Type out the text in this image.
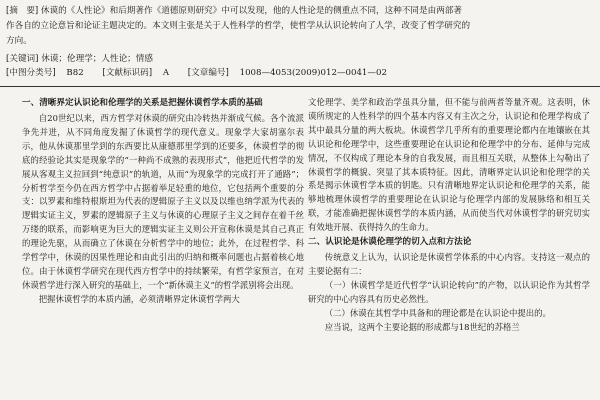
[摘　要] 休谟的《人性论》和后期著作《道德原则研究》中可以发现，他的人性论是的侧重点不同，这种不同是由两部著

作各自的立论意旨和论证主题决定的。本文则主张是关于人性科学的哲学，使哲学从认识论转向了人学，改变了哲学研究的

方向。

[关键词] 休谟；伦理学；人性论；情感
[中图分类号] B82 [文献标识码] A [文章编号] 1008—4053(2009)012—0041—02
一、清晰界定认识论和伦理学的关系是把握休谟哲学本质的基础

自20世纪以来，西方哲学对休谟的研究由冷转热并渐成气候。各个流派争先并进，从不同角度发掘了休谟哲学的现代意义。现象学大家胡塞尔表示，他从休谟那里学到的东西要比从康德那里学到的还要多，休谟哲学的彻底的经验论其实是现象学的“一种尚不成熟的表现形式”，他把近代哲学的发展从客观主义拉回到“纯意识”的轨道，从而“为现象学的完成打开了通路”；分析哲学至今仍在西方哲学中占据着举足轻重的地位，它包括两个重要的分支：以罗素和维特根斯坦为代表的逻辑原子主义以及以维也纳学派为代表的逻辑实证主义，罗素的逻辑原子主义与休谟的心理原子主义之间存在着千丝万缕的联系，而影响更为巨大的逻辑实证主义则公开宣称休谟是其自己真正的理论先驱，从而确立了休谟在分析哲学中的地位；此外，在过程哲学、科学哲学中，休谟的因果性理论和由此引出的归纳和概率问题也占据着核心地位。由于休谟哲学研究在现代西方哲学中的持续繁荣，有哲学家预言，在对休谟哲学进行深入研究的基础上，一个“新休谟主义”的哲学派别将会出现。

把握休谟哲学的本质内涵，必须清晰界定休谟哲学两大

文伦理学、美学和政治学虽具分量，但不能与前两者等量齐观。这表明，休谟所规定的人性科学的四个基本内容又有主次之分，认识论和伦理学构成了其中最具分量的两大板块。休谟哲学几乎所有的重要理论都内在地镶嵌在其认识论和伦理学中，这些重要理论在认识论和伦理学中的分布、延伸与完成情况，不仅构成了理论本身的自我发展，而且相互关联，从整体上勾勒出了休谟哲学的概貌、突显了其本质特征。因此，清晰界定认识论和伦理学的关系是揭示休谟哲学本质的钥匙。只有清晰地界定认识论和伦理学的关系，能够地梳理休谟哲学的重要理论在认识论与伦理学内部的发展脉络和相互关联，才能准确把握休谟哲学的本质内涵，从而使当代对休谟哲学的研究切实有效地开展、获得持久的生命力。

二、认识论是休谟伦理学的切入点和方法论

传统意义上认为，认识论是休谟哲学体系的中心内容。支持这一观点的主要论据有二：

（一）休谟哲学是近代哲学“认识论转向”的产物，以认识论作为其哲学研究的中心内容具有历史必然性。

（二）休谟在其哲学中具备和的理论都是在认识论中提出的。

应当说，这两个主要论据的形成都与18世纪的苏格兰
